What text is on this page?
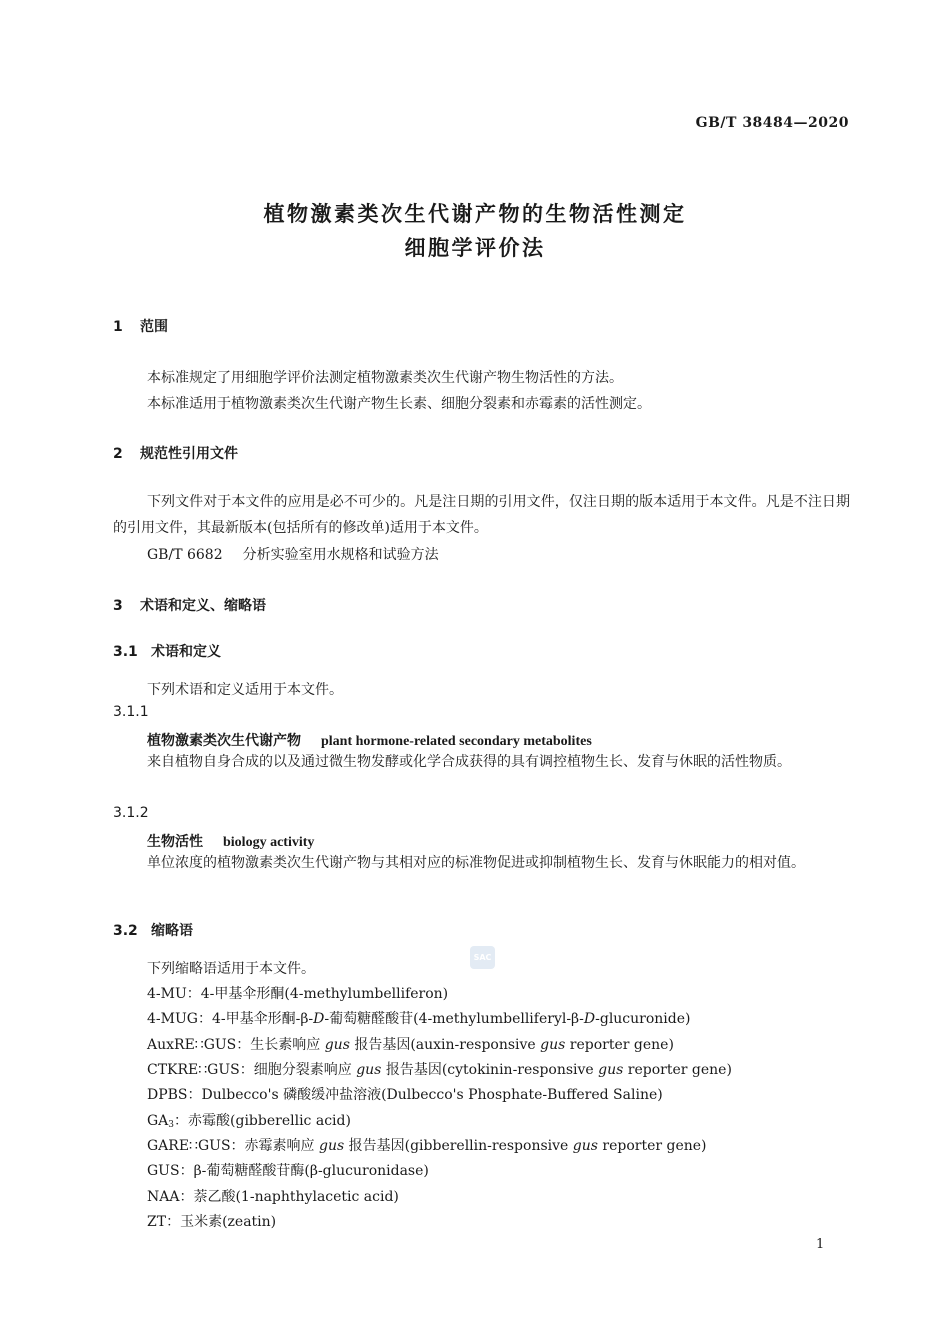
GB/T 38484—2020
植物激素类次生代谢产物的生物活性测定
细胞学评价法
1 范围
本标准规定了用细胞学评价法测定植物激素类次生代谢产物生物活性的方法。
本标准适用于植物激素类次生代谢产物生长素、细胞分裂素和赤霉素的活性测定。
2 规范性引用文件
下列文件对于本文件的应用是必不可少的。凡是注日期的引用文件，仅注日期的版本适用于本文件。凡是不注日期的引用文件，其最新版本(包括所有的修改单)适用于本文件。
GB/T 6682 分析实验室用水规格和试验方法
3 术语和定义、缩略语
3.1 术语和定义
下列术语和定义适用于本文件。
3.1.1
植物激素类次生代谢产物 plant hormone-related secondary metabolites
来自植物自身合成的以及通过微生物发酵或化学合成获得的具有调控植物生长、发育与休眠的活性物质。
3.1.2
生物活性 biology activity
单位浓度的植物激素类次生代谢产物与其相对应的标准物促进或抑制植物生长、发育与休眠能力的相对值。
3.2 缩略语
SAC
下列缩略语适用于本文件。
4-MU：4-甲基伞形酮(4-methylumbelliferon)
4-MUG：4-甲基伞形酮-β-D-葡萄糖醛酸苷(4-methylumbelliferyl-β-D-glucuronide)
AuxRE∷GUS：生长素响应 gus 报告基因(auxin-responsive gus reporter gene)
CTKRE∷GUS：细胞分裂素响应 gus 报告基因(cytokinin-responsive gus reporter gene)
DPBS：Dulbecco's 磷酸缓冲盐溶液(Dulbecco's Phosphate-Buffered Saline)
$GA_3$：赤霉酸(gibberellic acid)
GARE∷GUS：赤霉素响应 gus 报告基因(gibberellin-responsive gus reporter gene)
GUS：β-葡萄糖醛酸苷酶(β-glucuronidase)
NAA：萘乙酸(1-naphthylacetic acid)
ZT：玉米素(zeatin)
1
